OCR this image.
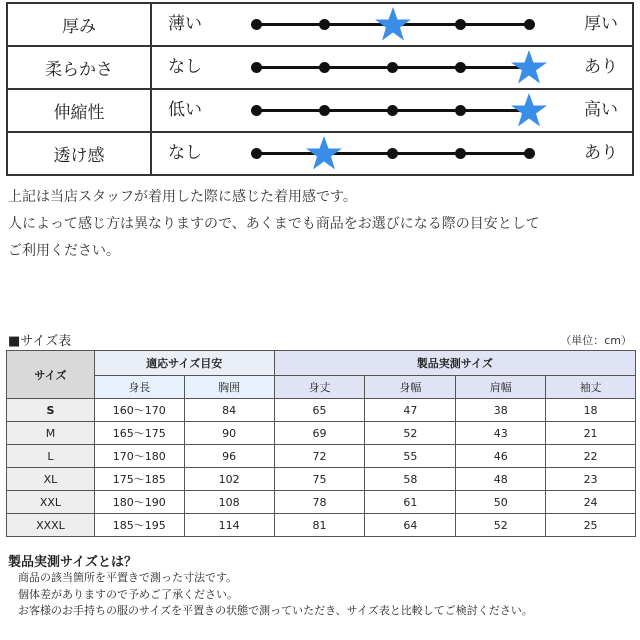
厚み	薄い 厚い

柔らかさ	なし あり

伸縮性	低い 高い

透け感	なし あり
上記は当店スタッフが着用した際に感じた着用感です。
人によって感じ方は異なりますので、あくまでも商品をお選びになる際の目安として
ご利用ください。
■サイズ表	（単位：cm）
サイズ	適応サイズ目安		製品実測サイズ			
	身長	胸囲	身丈	身幅	肩幅	袖丈
S	160～170	84	65	47	38	18
M	165～175	90	69	52	43	21
L	170～180	96	72	55	46	22
XL	175～185	102	75	58	48	23
XXL	180～190	108	78	61	50	24
XXXL	185～195	114	81	64	52	25
製品実測サイズとは？
商品の該当箇所を平置きで測った寸法です。
個体差がありますので予めご了承ください。
お客様のお手持ちの服のサイズを平置きの状態で測っていただき、サイズ表と比較してご検討ください。
